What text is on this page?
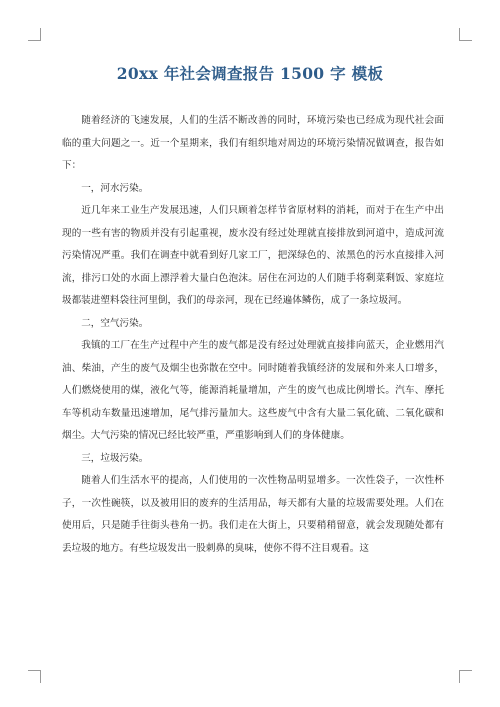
20xx 年社会调查报告 1500 字 模板

随着经济的飞速发展，人们的生活不断改善的同时，环境污染也已经成为现代社会面临的重大问题之一。近一个星期来，我们有组织地对周边的环境污染情况做调查，报告如下：

一，河水污染。

近几年来工业生产发展迅速，人们只顾着怎样节省原材料的消耗，而对于在生产中出现的一些有害的物质并没有引起重视，废水没有经过处理就直接排放到河道中，造成河流污染情况严重。我们在调查中就看到好几家工厂，把深绿色的、浓黑色的污水直接排入河流，排污口处的水面上漂浮着大量白色泡沫。居住在河边的人们随手将剩菜剩饭、家庭垃圾都装进塑料袋往河里倒，我们的母亲河，现在已经遍体鳞伤，成了一条垃圾河。

二，空气污染。

我镇的工厂在生产过程中产生的废气都是没有经过处理就直接排向蓝天，企业燃用汽油、柴油，产生的废气及烟尘也弥散在空中。同时随着我镇经济的发展和外来人口增多，人们燃烧使用的煤，液化气等，能源消耗量增加，产生的废气也成比例增长。汽车、摩托车等机动车数量迅速增加，尾气排污量加大。这些废气中含有大量二氧化硫、二氧化碳和烟尘。大气污染的情况已经比较严重，严重影响到人们的身体健康。

三，垃圾污染。

随着人们生活水平的提高，人们使用的一次性物品明显增多。一次性袋子，一次性杯子，一次性碗筷，以及被用旧的废弃的生活用品，每天都有大量的垃圾需要处理。人们在使用后，只是随手往街头巷角一扔。我们走在大街上，只要稍稍留意，就会发现随处都有丢垃圾的地方。有些垃圾发出一股刺鼻的臭味，使你不得不注目观看。这
